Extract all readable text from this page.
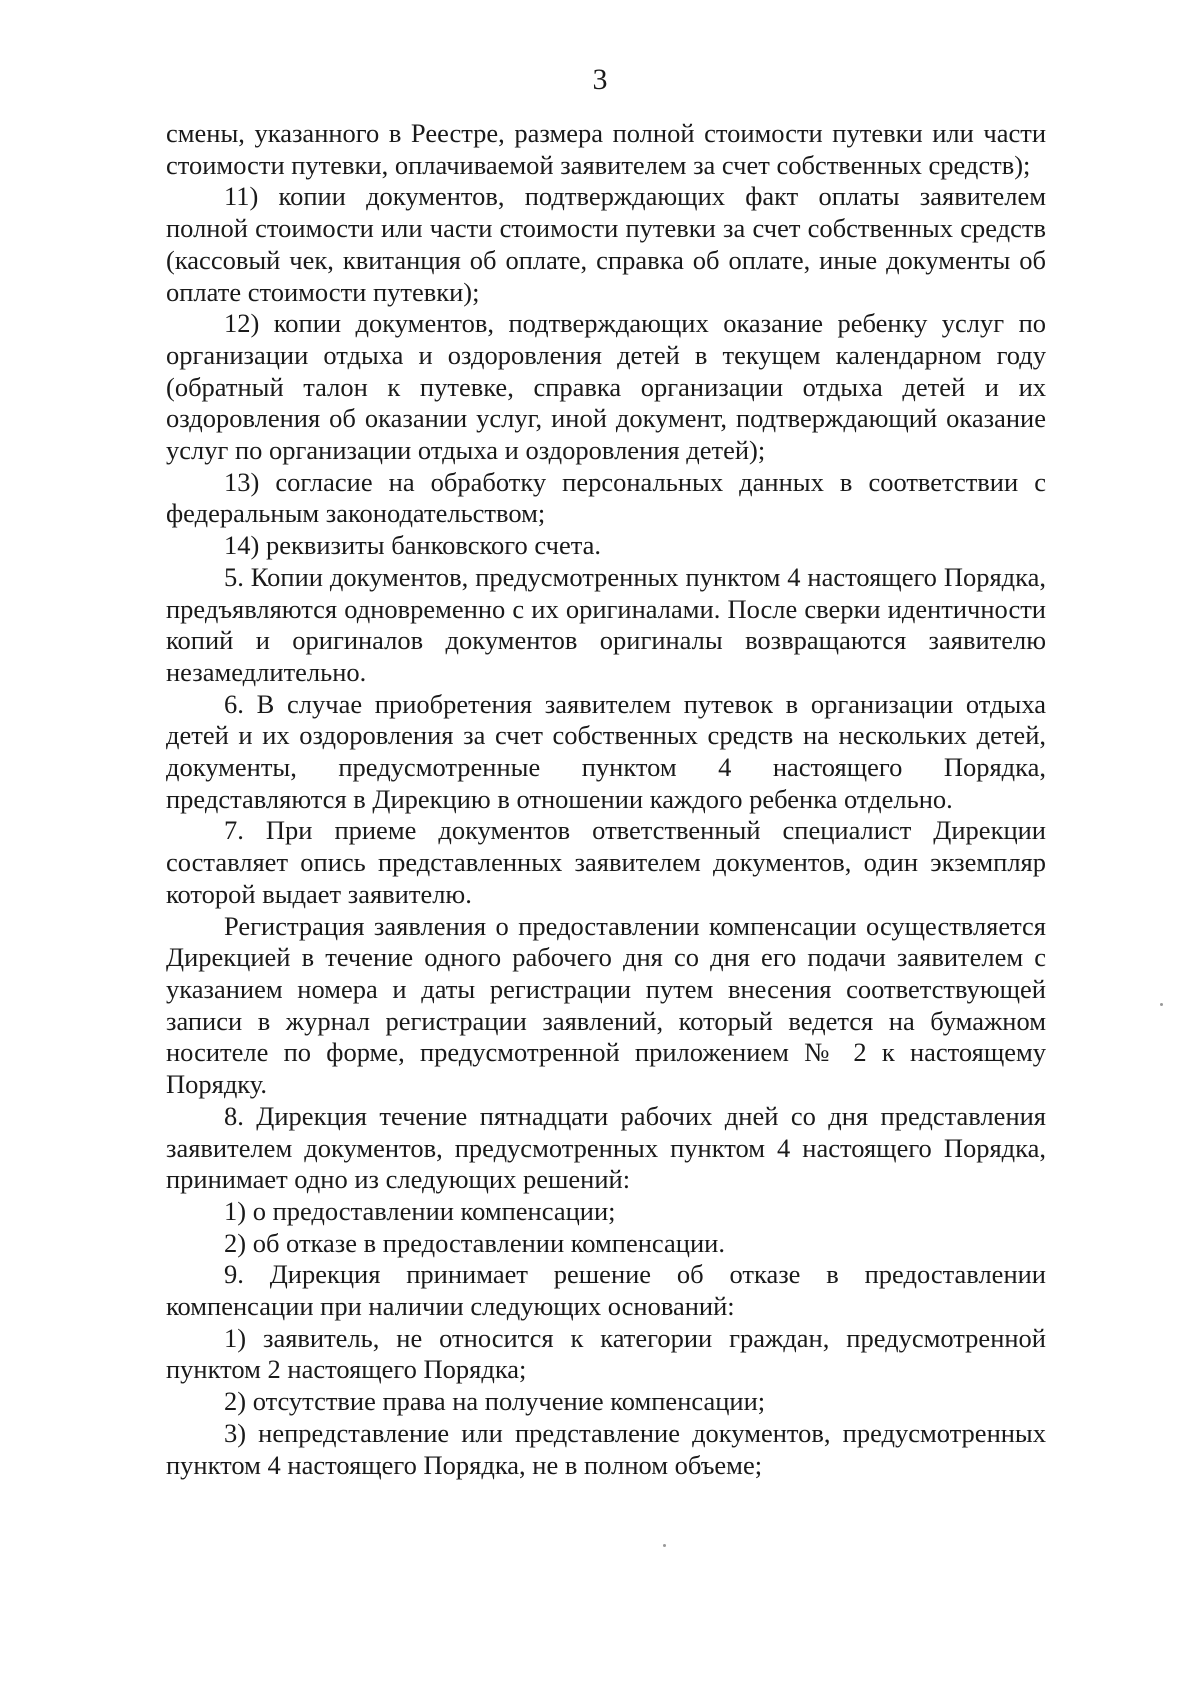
3

смены, указанного в Реестре, размера полной стоимости путевки или части стоимости путевки, оплачиваемой заявителем за счет собственных средств);

11) копии документов, подтверждающих факт оплаты заявителем полной стоимости или части стоимости путевки за счет собственных средств (кассовый чек, квитанция об оплате, справка об оплате, иные документы об оплате стоимости путевки);

12) копии документов, подтверждающих оказание ребенку услуг по организации отдыха и оздоровления детей в текущем календарном году (обратный талон к путевке, справка организации отдыха детей и их оздоровления об оказании услуг, иной документ, подтверждающий оказание услуг по организации отдыха и оздоровления детей);

13) согласие на обработку персональных данных в соответствии с федеральным законодательством;

14) реквизиты банковского счета.

5. Копии документов, предусмотренных пунктом 4 настоящего Порядка, предъявляются одновременно с их оригиналами. После сверки идентичности копий и оригиналов документов оригиналы возвращаются заявителю незамедлительно.

6. В случае приобретения заявителем путевок в организации отдыха детей и их оздоровления за счет собственных средств на нескольких детей, документы, предусмотренные пунктом 4 настоящего Порядка, представляются в Дирекцию в отношении каждого ребенка отдельно.

7. При приеме документов ответственный специалист Дирекции составляет опись представленных заявителем документов, один экземпляр которой выдает заявителю.

Регистрация заявления о предоставлении компенсации осуществляется Дирекцией в течение одного рабочего дня со дня его подачи заявителем с указанием номера и даты регистрации путем внесения соответствующей записи в журнал регистрации заявлений, который ведется на бумажном носителе по форме, предусмотренной приложением № 2 к настоящему Порядку.

8. Дирекция течение пятнадцати рабочих дней со дня представления заявителем документов, предусмотренных пунктом 4 настоящего Порядка, принимает одно из следующих решений:

1) о предоставлении компенсации;

2) об отказе в предоставлении компенсации.

9. Дирекция принимает решение об отказе в предоставлении компенсации при наличии следующих оснований:

1) заявитель, не относится к категории граждан, предусмотренной пунктом 2 настоящего Порядка;

2) отсутствие права на получение компенсации;

3) непредставление или представление документов, предусмотренных пунктом 4 настоящего Порядка, не в полном объеме;
